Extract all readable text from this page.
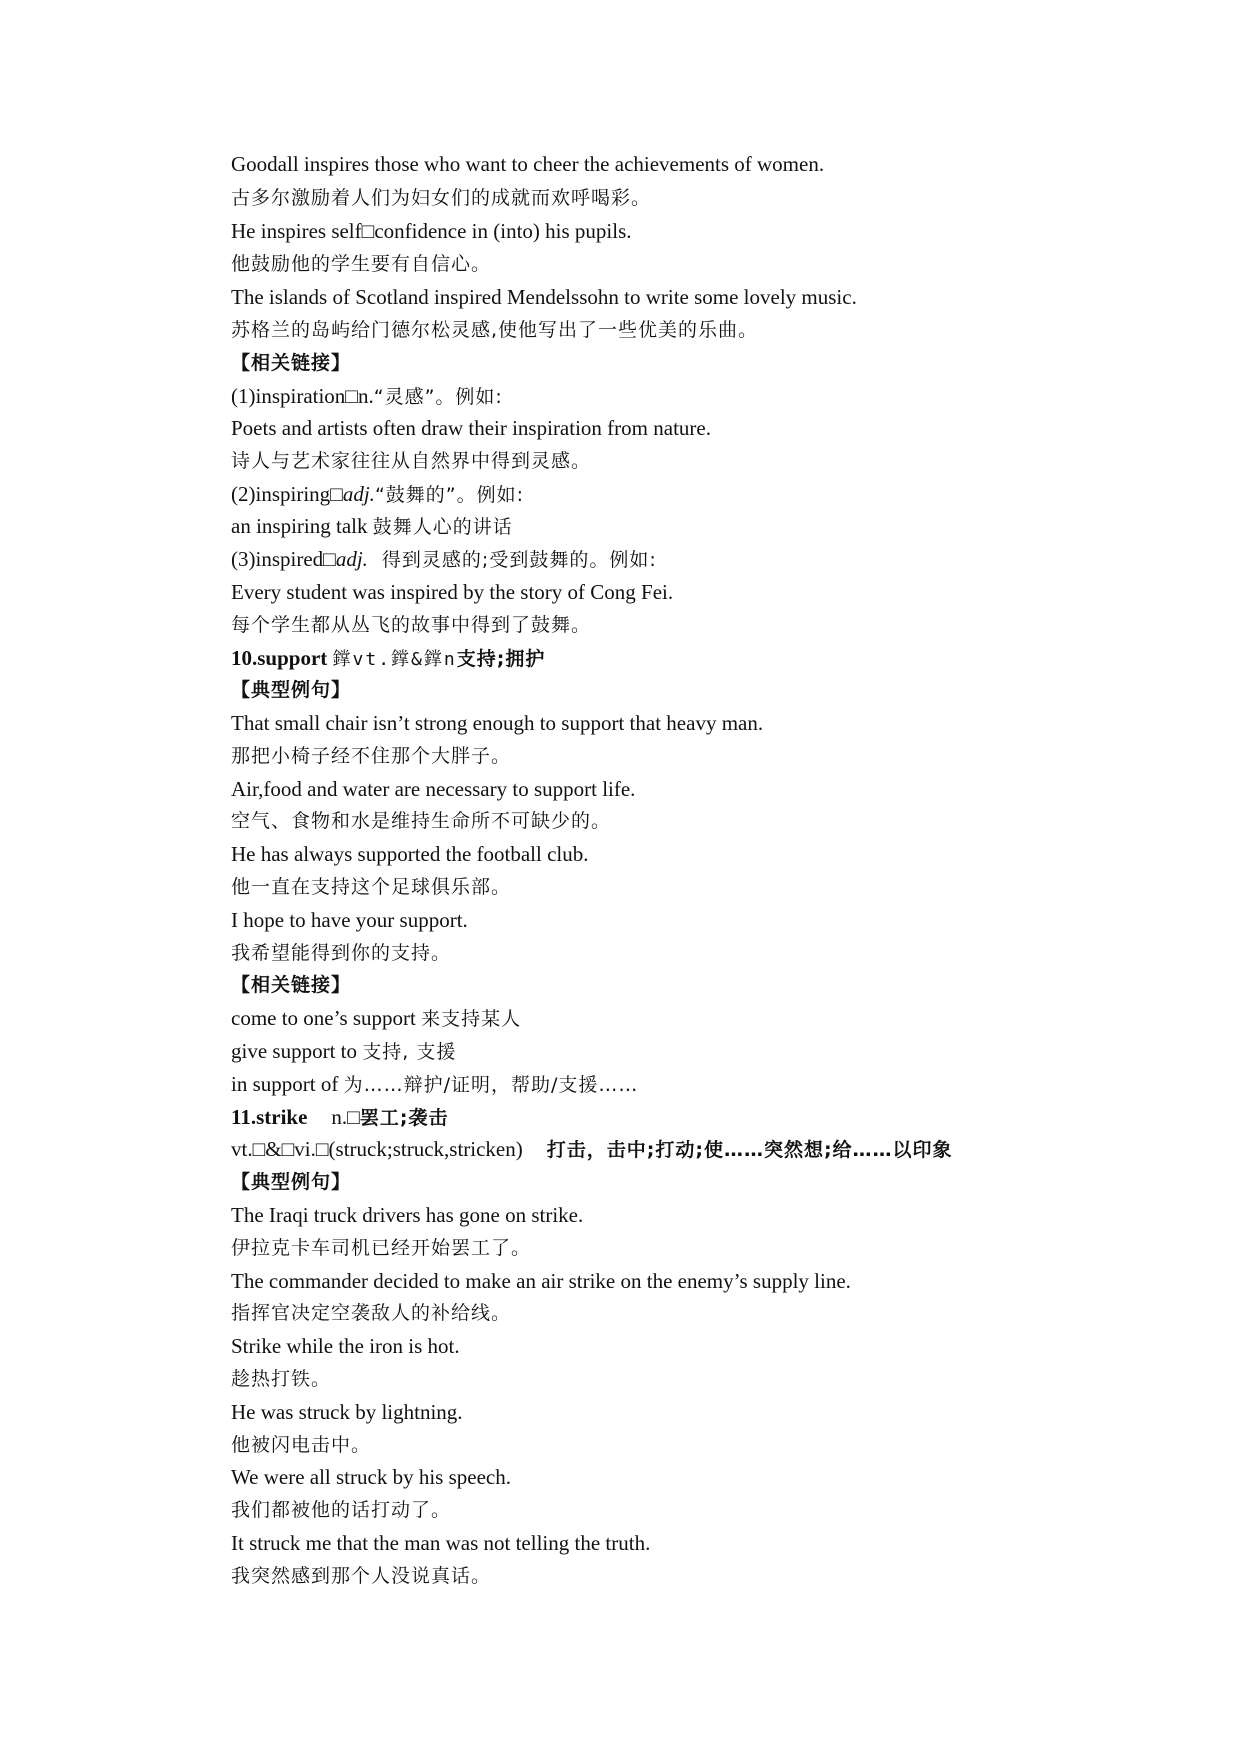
Goodall inspires those who want to cheer the achievements of women.
古多尔激励着人们为妇女们的成就而欢呼喝彩。
He inspires self□confidence in (into) his pupils.
他鼓励他的学生要有自信心。
The islands of Scotland inspired Mendelssohn to write some lovely music.
苏格兰的岛屿给门德尔松灵感,使他写出了一些优美的乐曲。
【相关链接】
(1)inspiration□n.“灵感”。例如:
Poets and artists often draw their inspiration from nature.
诗人与艺术家往往从自然界中得到灵感。
(2)inspiring□adj.“鼓舞的”。例如:
an inspiring talk 鼓舞人心的讲话
(3)inspired□adj. 得到灵感的;受到鼓舞的。例如:
Every student was inspired by the story of Cong Fei.
每个学生都从丛飞的故事中得到了鼓舞。
10.support 鐣vt.鐣&鐣n支持;拥护
【典型例句】
That small chair isn’t strong enough to support that heavy man.
那把小椅子经不住那个大胖子。
Air,food and water are necessary to support life.
空气、食物和水是维持生命所不可缺少的。
He has always supported the football club.
他一直在支持这个足球俱乐部。
I hope to have your support.
我希望能得到你的支持。
【相关链接】
come to one’s support 来支持某人
give support to 支持, 支援
in support of 为……辩护/证明，帮助/支援……
11.strike n.□罢工;袭击
vt.□&□vi.□(struck;struck,stricken) 打击，击中;打动;使……突然想;给……以印象
【典型例句】
The Iraqi truck drivers has gone on strike.
伊拉克卡车司机已经开始罢工了。
The commander decided to make an air strike on the enemy’s supply line.
指挥官决定空袭敌人的补给线。
Strike while the iron is hot.
趁热打铁。
He was struck by lightning.
他被闪电击中。
We were all struck by his speech.
我们都被他的话打动了。
It struck me that the man was not telling the truth.
我突然感到那个人没说真话。
